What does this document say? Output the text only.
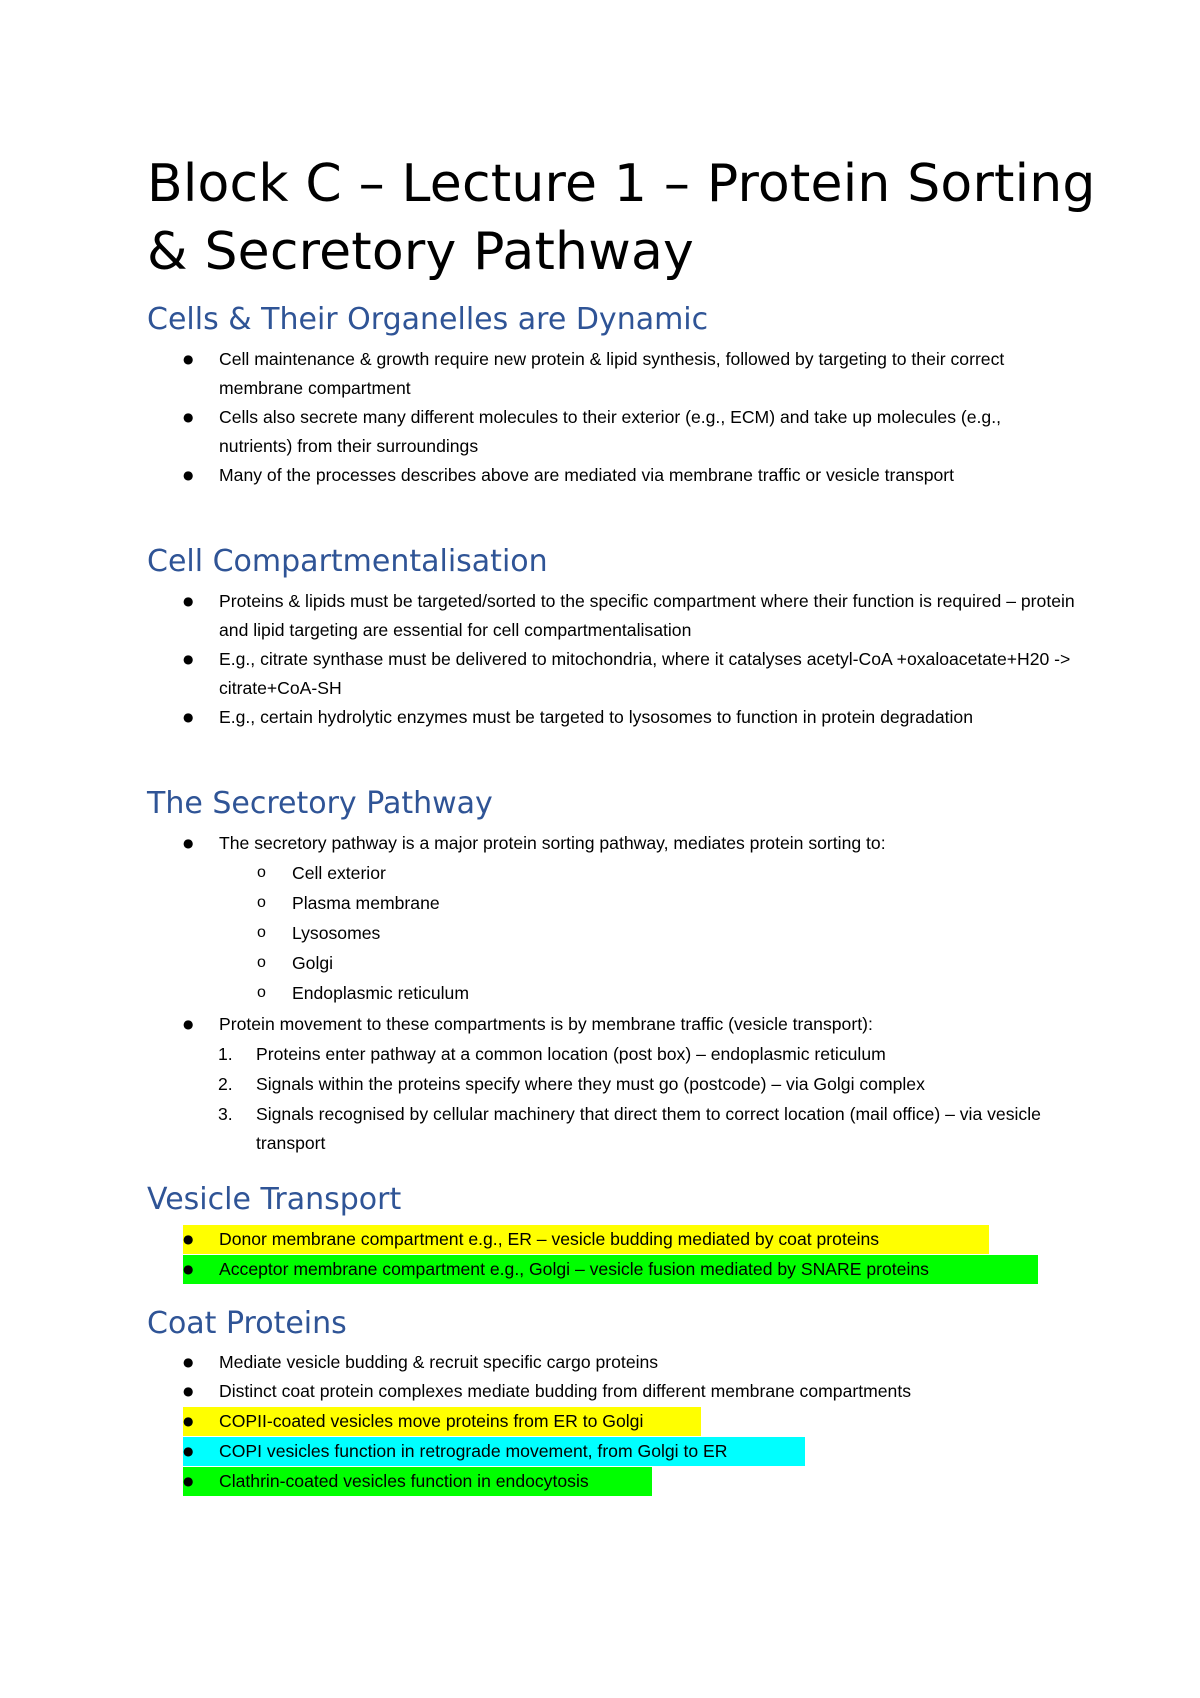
Block C – Lecture 1 – Protein Sorting & Secretory Pathway
Cells & Their Organelles are Dynamic
● Cell maintenance & growth require new protein & lipid synthesis, followed by targeting to their correct membrane compartment
● Cells also secrete many different molecules to their exterior (e.g., ECM) and take up molecules (e.g., nutrients) from their surroundings
● Many of the processes describes above are mediated via membrane traffic or vesicle transport
Cell Compartmentalisation
● Proteins & lipids must be targeted/sorted to the specific compartment where their function is required – protein and lipid targeting are essential for cell compartmentalisation
● E.g., citrate synthase must be delivered to mitochondria, where it catalyses acetyl-CoA +oxaloacetate+H20 -> citrate+CoA-SH
● E.g., certain hydrolytic enzymes must be targeted to lysosomes to function in protein degradation
The Secretory Pathway
● The secretory pathway is a major protein sorting pathway, mediates protein sorting to:
o Cell exterior
o Plasma membrane
o Lysosomes
o Golgi
o Endoplasmic reticulum
● Protein movement to these compartments is by membrane traffic (vesicle transport):
1. Proteins enter pathway at a common location (post box) – endoplasmic reticulum
2. Signals within the proteins specify where they must go (postcode) – via Golgi complex
3. Signals recognised by cellular machinery that direct them to correct location (mail office) – via vesicle transport
Vesicle Transport
● Donor membrane compartment e.g., ER – vesicle budding mediated by coat proteins
● Acceptor membrane compartment e.g., Golgi – vesicle fusion mediated by SNARE proteins
Coat Proteins
● Mediate vesicle budding & recruit specific cargo proteins
● Distinct coat protein complexes mediate budding from different membrane compartments
● COPII-coated vesicles move proteins from ER to Golgi
● COPI vesicles function in retrograde movement, from Golgi to ER
● Clathrin-coated vesicles function in endocytosis
